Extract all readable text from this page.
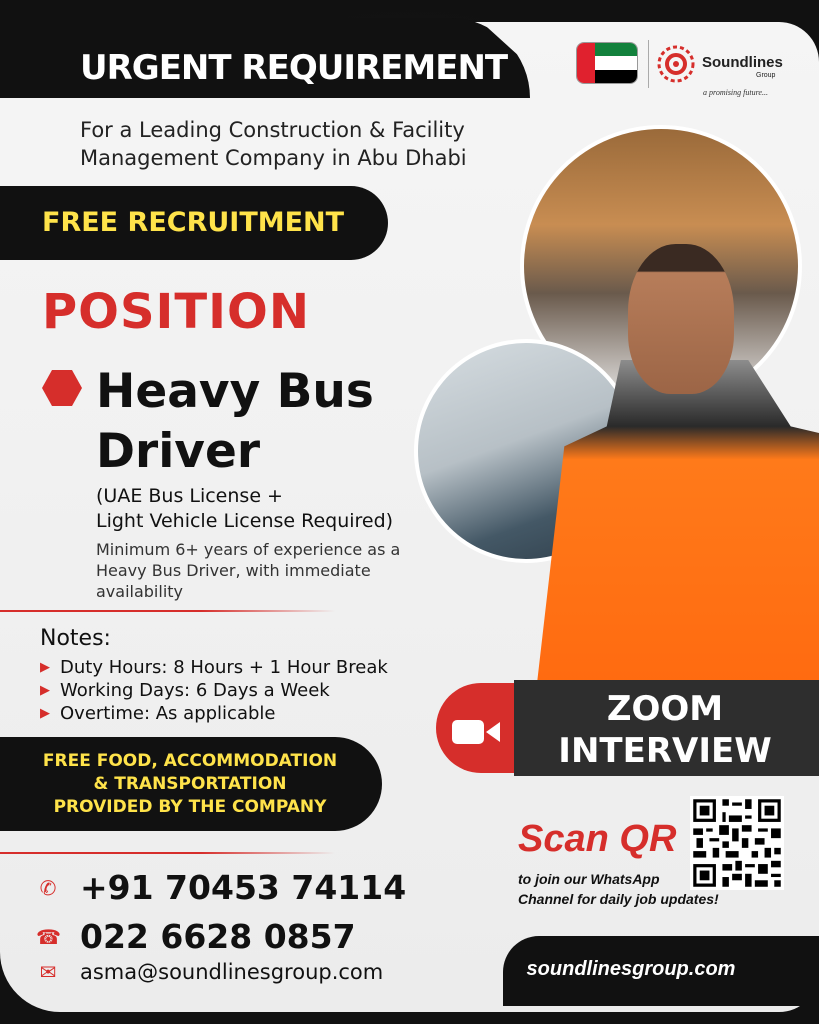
URGENT REQUIREMENT
For a Leading Construction & Facility
Management Company in Abu Dhabi
Soundlines
Group
a promising future...
FREE RECRUITMENT
POSITION
Heavy Bus
Driver
(UAE Bus License +
Light Vehicle License Required)
Minimum 6+ years of experience as a Heavy Bus Driver, with immediate availability
Notes:
▶ Duty Hours: 8 Hours + 1 Hour Break
▶ Working Days: 6 Days a Week
▶ Overtime: As applicable
FREE FOOD, ACCOMMODATION
& TRANSPORTATION
PROVIDED BY THE COMPANY
✆ +91 70453 74114
☎ 022 6628 0857
✉ asma@soundlinesgroup.com
ZOOM
INTERVIEW
Scan QR
to join our WhatsApp
Channel for daily job updates!
soundlinesgroup.com
